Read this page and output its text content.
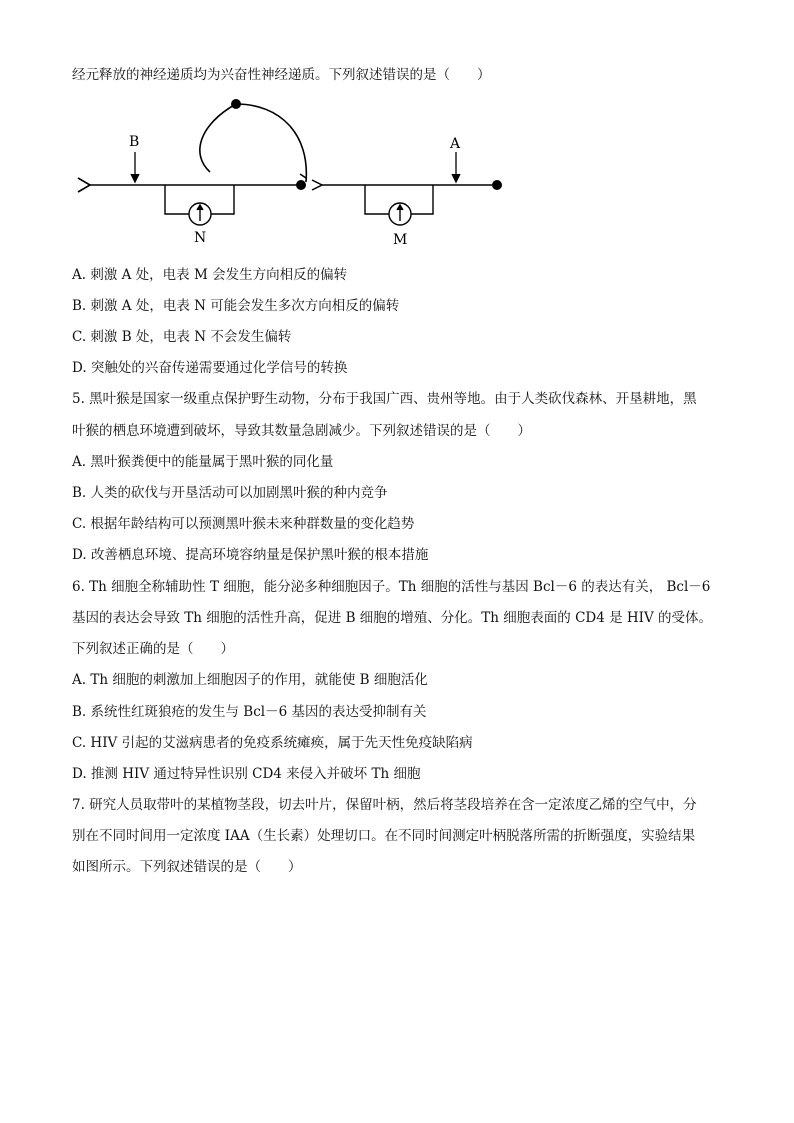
经元释放的神经递质均为兴奋性神经递质。下列叙述错误的是（　　）
B	A
N	M
A. 刺激 A 处，电表 M 会发生方向相反的偏转
B. 刺激 A 处，电表 N 可能会发生多次方向相反的偏转
C. 刺激 B 处，电表 N 不会发生偏转
D. 突触处的兴奋传递需要通过化学信号的转换
5. 黑叶猴是国家一级重点保护野生动物，分布于我国广西、贵州等地。由于人类砍伐森林、开垦耕地，黑
叶猴的栖息环境遭到破坏，导致其数量急剧减少。下列叙述错误的是（　　）
A. 黑叶猴粪便中的能量属于黑叶猴的同化量
B. 人类的砍伐与开垦活动可以加剧黑叶猴的种内竞争
C. 根据年龄结构可以预测黑叶猴未来种群数量的变化趋势
D. 改善栖息环境、提高环境容纳量是保护黑叶猴的根本措施
6. Th 细胞全称辅助性 T 细胞，能分泌多种细胞因子。Th 细胞的活性与基因 Bcl－6 的表达有关， Bcl－6
基因的表达会导致 Th 细胞的活性升高，促进 B 细胞的增殖、分化。Th 细胞表面的 CD4 是 HIV 的受体。
下列叙述正确的是（　　）
A. Th 细胞的刺激加上细胞因子的作用，就能使 B 细胞活化
B. 系统性红斑狼疮的发生与 Bcl－6 基因的表达受抑制有关
C. HIV 引起的艾滋病患者的免疫系统瘫痪，属于先天性免疫缺陷病
D. 推测 HIV 通过特异性识别 CD4 来侵入并破坏 Th 细胞
7. 研究人员取带叶的某植物茎段，切去叶片，保留叶柄，然后将茎段培养在含一定浓度乙烯的空气中，分
别在不同时间用一定浓度 IAA（生长素）处理切口。在不同时间测定叶柄脱落所需的折断强度，实验结果
如图所示。下列叙述错误的是（　　）
